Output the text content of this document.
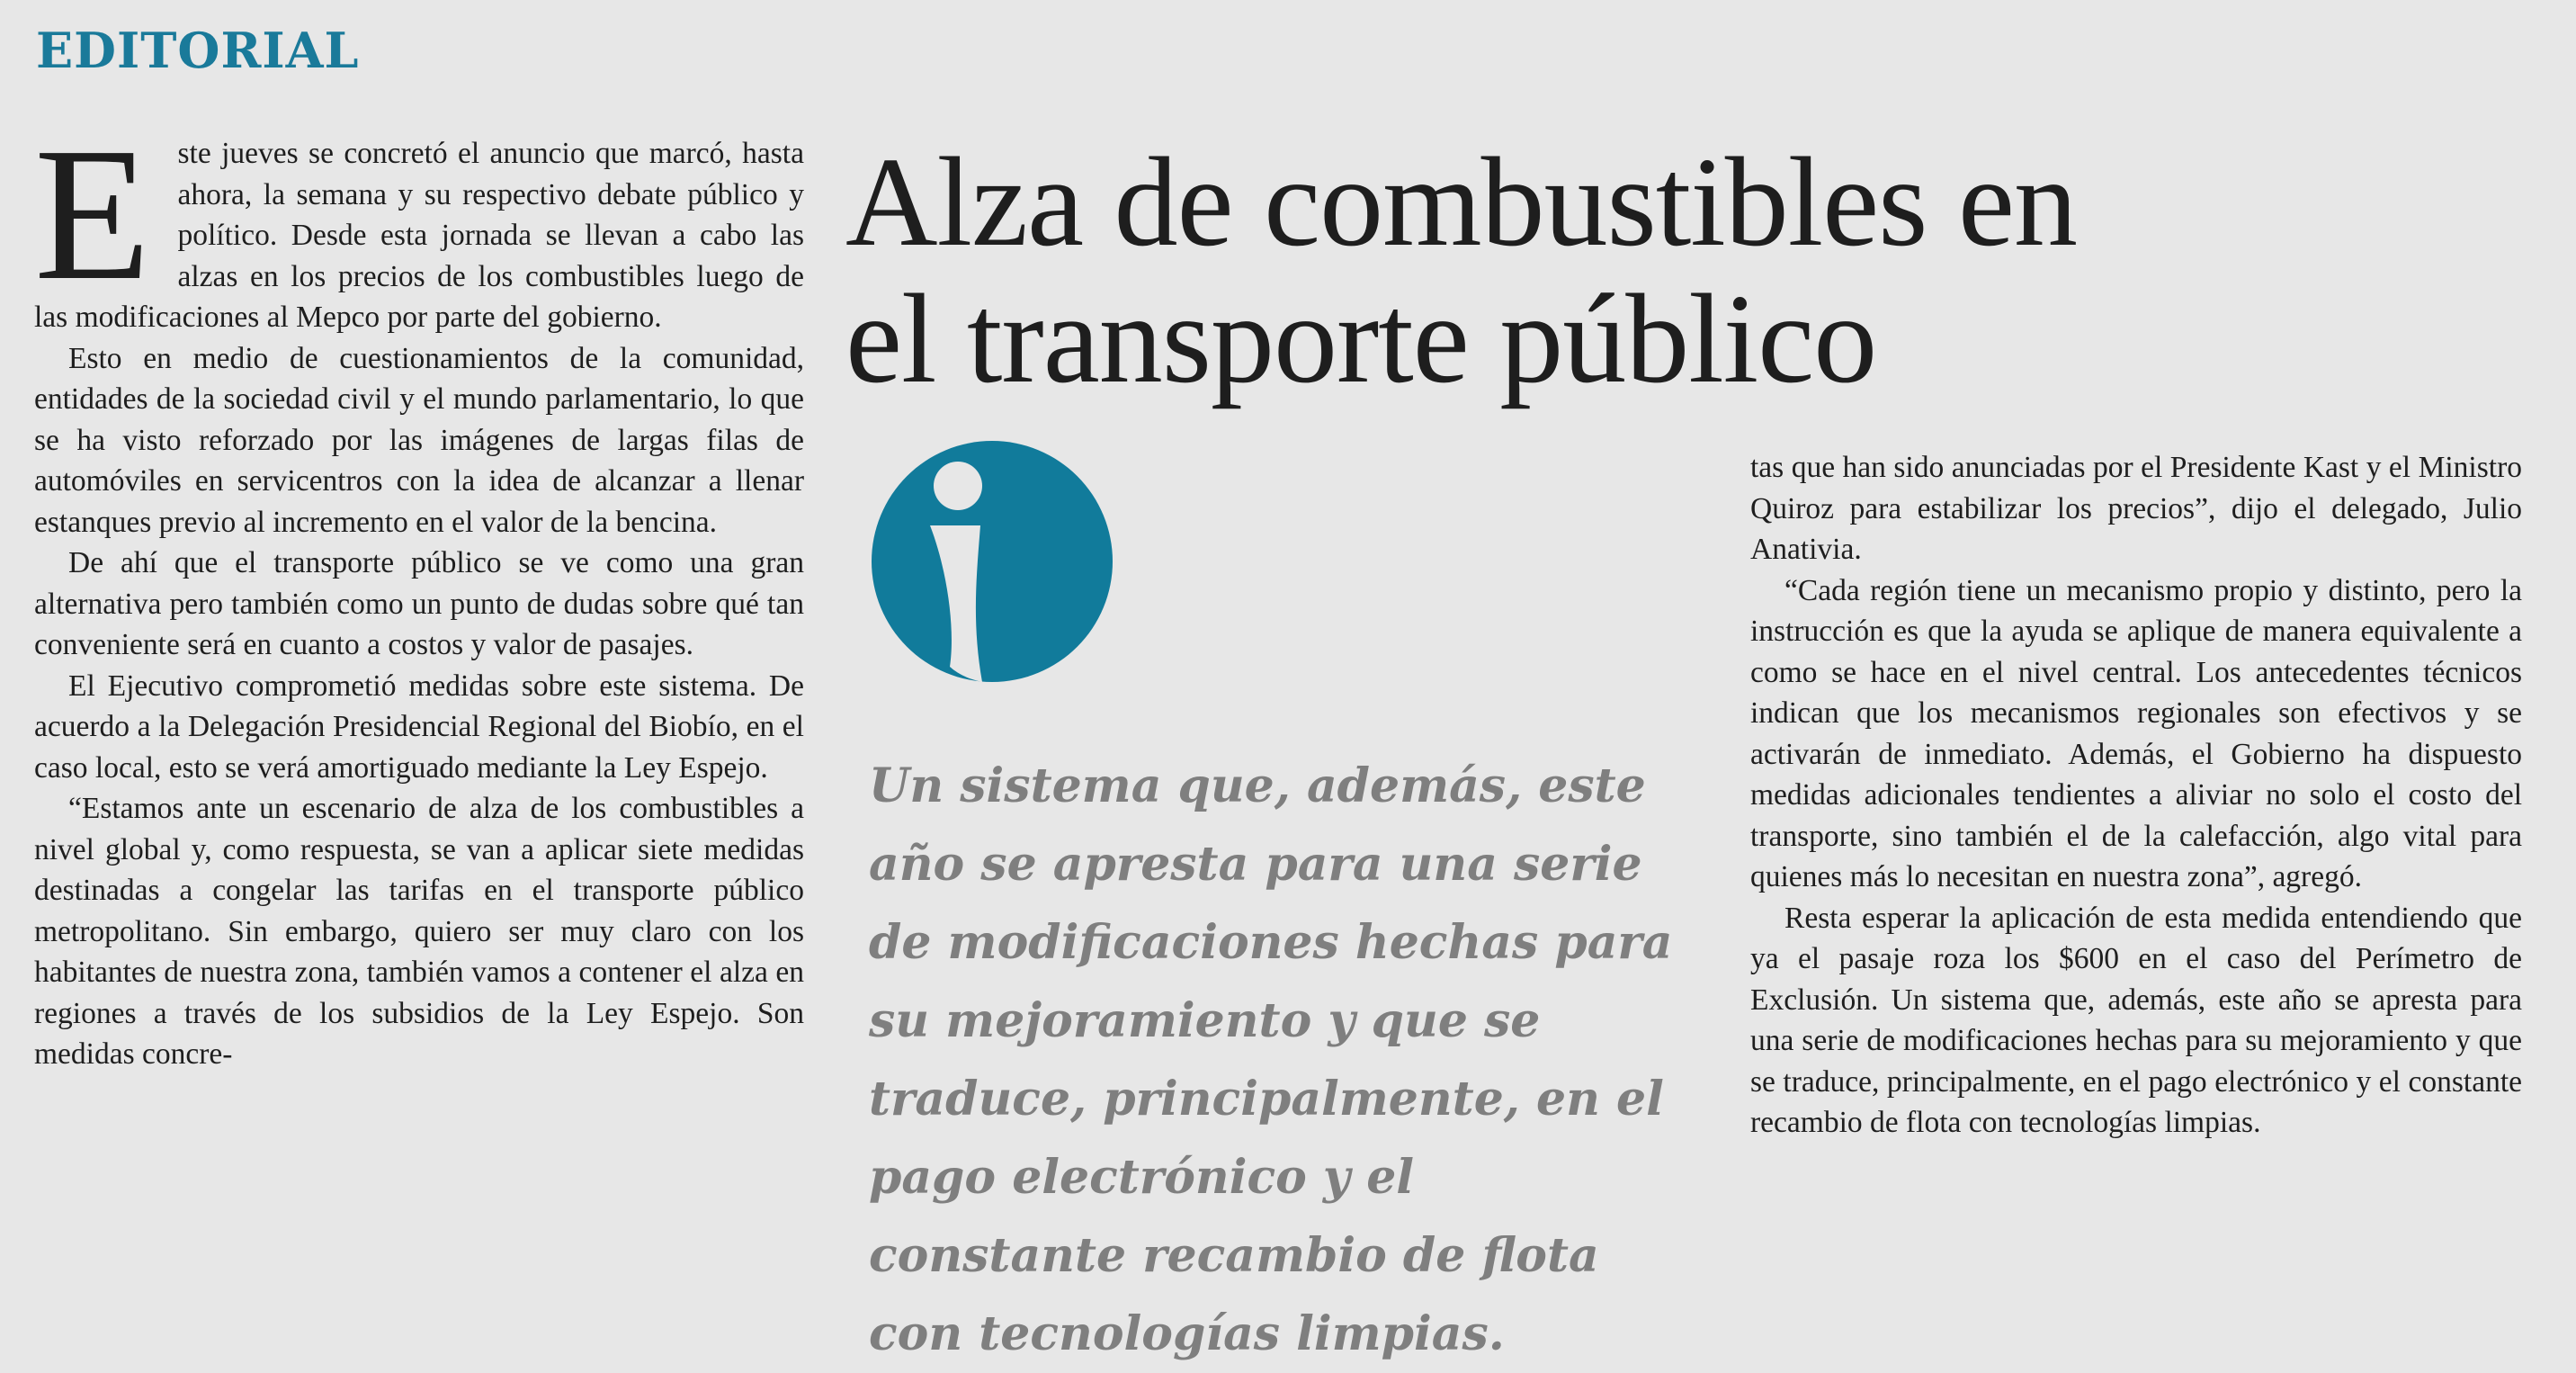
EDITORIAL
E ste jueves se concretó el anuncio que marcó, hasta ahora, la semana y su respectivo debate público y político. Desde esta jornada se llevan a cabo las alzas en los precios de los combustibles luego de las modificaciones al Mepco por parte del gobierno.

Esto en medio de cuestionamientos de la comunidad, entidades de la sociedad civil y el mundo parlamentario, lo que se ha visto reforzado por las imágenes de largas filas de automóviles en servicentros con la idea de alcanzar a llenar estanques previo al incremento en el valor de la bencina.

De ahí que el transporte público se ve como una gran alternativa pero también como un punto de dudas sobre qué tan conveniente será en cuanto a costos y valor de pasajes.

El Ejecutivo comprometió medidas sobre este sistema. De acuerdo a la Delegación Presidencial Regional del Biobío, en el caso local, esto se verá amortiguado mediante la Ley Espejo.

“Estamos ante un escenario de alza de los combustibles a nivel global y, como respuesta, se van a aplicar siete medidas destinadas a congelar las tarifas en el transporte público metropolitano. Sin embargo, quiero ser muy claro con los habitantes de nuestra zona, también vamos a contener el alza en regiones a través de los subsidios de la Ley Espejo. Son medidas concre-

Alza de combustibles en el transporte público
Un sistema que, además, este año se apresta para una serie de modificaciones hechas para su mejoramiento y que se traduce, principalmente, en el pago electrónico y el constante recambio de flota con tecnologías limpias.

tas que han sido anunciadas por el Presidente Kast y el Ministro Quiroz para estabilizar los precios”, dijo el delegado, Julio Anativia.

“Cada región tiene un mecanismo propio y distinto, pero la instrucción es que la ayuda se aplique de manera equivalente a como se hace en el nivel central. Los antecedentes técnicos indican que los mecanismos regionales son efectivos y se activarán de inmediato. Además, el Gobierno ha dispuesto medidas adicionales tendientes a aliviar no solo el costo del transporte, sino también el de la calefacción, algo vital para quienes más lo necesitan en nuestra zona”, agregó.

Resta esperar la aplicación de esta medida entendiendo que ya el pasaje roza los $600 en el caso del Perímetro de Exclusión. Un sistema que, además, este año se apresta para una serie de modificaciones hechas para su mejoramiento y que se traduce, principalmente, en el pago electrónico y el constante recambio de flota con tecnologías limpias.
